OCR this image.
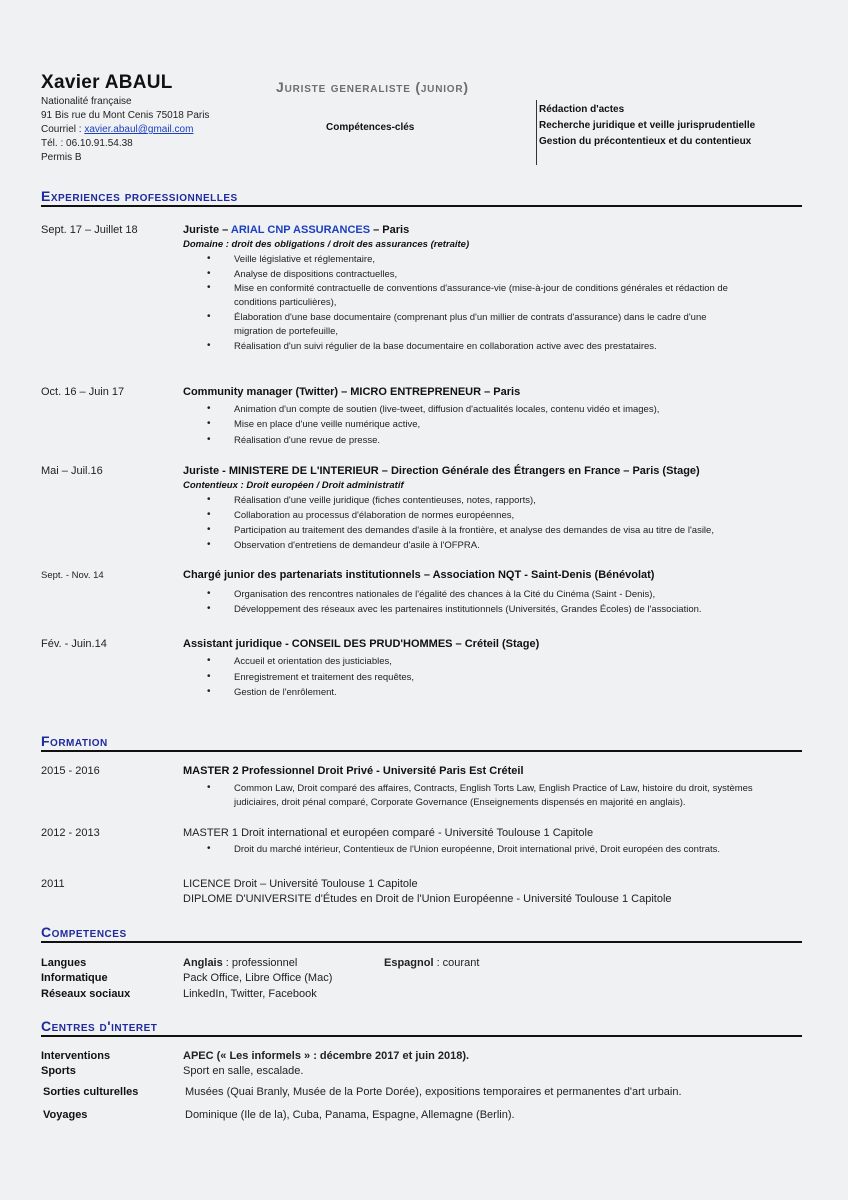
Xavier ABAUL
Nationalité française
91 Bis rue du Mont Cenis 75018 Paris
Courriel : xavier.abaul@gmail.com
Tél. : 06.10.91.54.38
Permis B
Juriste generaliste (junior)
Compétences-clés
Rédaction d'actes
Recherche juridique et veille jurisprudentielle
Gestion du précontentieux et du contentieux
Experiences professionnelles
Sept. 17 – Juillet 18	Juriste – ARIAL CNP ASSURANCES – Paris
Domaine : droit des obligations / droit des assurances (retraite)
• Veille législative et réglementaire,
• Analyse de dispositions contractuelles,
• Mise en conformité contractuelle de conventions d'assurance-vie (mise-à-jour de conditions générales et rédaction de
conditions particulières),
• Élaboration d'une base documentaire (comprenant plus d'un millier de contrats d'assurance) dans le cadre d'une
migration de portefeuille,
• Réalisation d'un suivi régulier de la base documentaire en collaboration active avec des prestataires.
Oct. 16 – Juin 17	Community manager (Twitter) – MICRO ENTREPRENEUR – Paris
• Animation d'un compte de soutien (live-tweet, diffusion d'actualités locales, contenu vidéo et images),
• Mise en place d'une veille numérique active,
• Réalisation d'une revue de presse.
Mai – Juil.16	Juriste - MINISTERE DE L'INTERIEUR – Direction Générale des Étrangers en France – Paris (Stage)
Contentieux : Droit européen / Droit administratif
• Réalisation d'une veille juridique (fiches contentieuses, notes, rapports),
• Collaboration au processus d'élaboration de normes européennes,
• Participation au traitement des demandes d'asile à la frontière, et analyse des demandes de visa au titre de l'asile,
• Observation d'entretiens de demandeur d'asile à l'OFPRA.
Sept. - Nov. 14	Chargé junior des partenariats institutionnels – Association NQT - Saint-Denis (Bénévolat)
• Organisation des rencontres nationales de l'égalité des chances à la Cité du Cinéma (Saint - Denis),
• Développement des réseaux avec les partenaires institutionnels (Universités, Grandes Écoles) de l'association.
Fév. - Juin.14	Assistant juridique - CONSEIL DES PRUD'HOMMES – Créteil (Stage)
• Accueil et orientation des justiciables,
• Enregistrement et traitement des requêtes,
• Gestion de l'enrôlement.
Formation
2015 - 2016	MASTER 2 Professionnel Droit Privé - Université Paris Est Créteil
• Common Law, Droit comparé des affaires, Contracts, English Torts Law, English Practice of Law, histoire du droit, systèmes
judiciaires, droit pénal comparé, Corporate Governance (Enseignements dispensés en majorité en anglais).
2012 - 2013	MASTER 1 Droit international et européen comparé - Université Toulouse 1 Capitole
• Droit du marché intérieur, Contentieux de l'Union européenne, Droit international privé, Droit européen des contrats.
2011	LICENCE Droit – Université Toulouse 1 Capitole
DIPLOME D'UNIVERSITE d'Études en Droit de l'Union Européenne - Université Toulouse 1 Capitole
Competences
Langues	Anglais : professionnel	Espagnol : courant
Informatique	Pack Office, Libre Office (Mac)
Réseaux sociaux	LinkedIn, Twitter, Facebook
Centres d'interet
Interventions	APEC (« Les informels » : décembre 2017 et juin 2018).
Sports	Sport en salle, escalade.
Sorties culturelles	Musées (Quai Branly, Musée de la Porte Dorée), expositions temporaires et permanentes d'art urbain.
Voyages	Dominique (Ile de la), Cuba, Panama, Espagne, Allemagne (Berlin).
